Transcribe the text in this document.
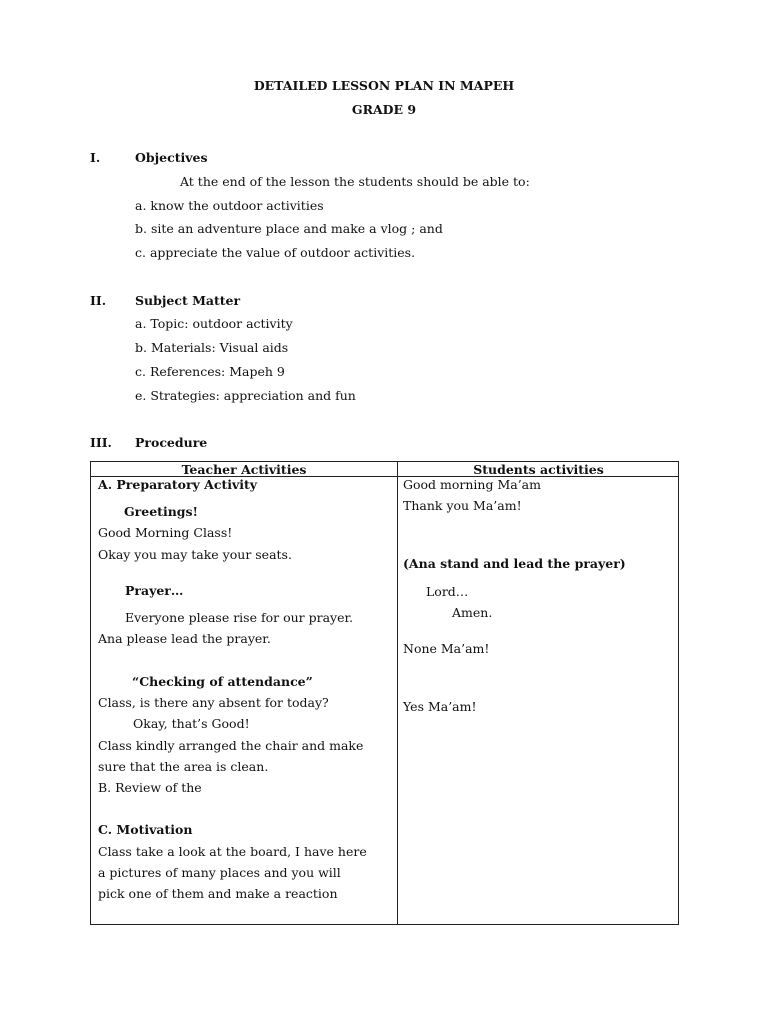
DETAILED LESSON PLAN IN MAPEH
GRADE 9
I.	Objectives
At the end of the lesson the students should be able to:
a. know the outdoor activities
b. site an adventure place and make a vlog ; and
c. appreciate the value of outdoor activities.
II. Subject Matter
a. Topic: outdoor activity
b. Materials: Visual aids
c. References: Mapeh 9
e. Strategies: appreciation and fun
III. Procedure
Teacher Activities	Students activities
A. Preparatory Activity
Greetings!
Good Morning Class!
Okay you may take your seats.
Prayer…
Everyone please rise for our prayer.
Ana please lead the prayer.
“Checking of attendance”
Class, is there any absent for today?
Okay, that’s Good!
Class kindly arranged the chair and make
sure that the area is clean.
B. Review of the
C. Motivation
Class take a look at the board, I have here
a pictures of many places and you will
pick one of them and make a reaction
Good morning Ma’am
Thank you Ma’am!
(Ana stand and lead the prayer)
Lord…
Amen.
None Ma’am!
Yes Ma’am!
